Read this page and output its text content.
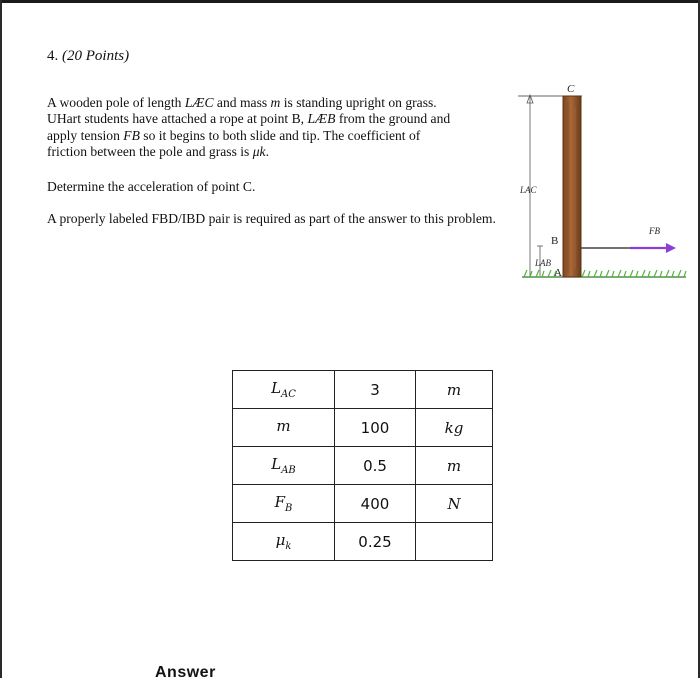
4. (20 Points)
A wooden pole of length LÆC and mass m is standing upright on grass.
UHart students have attached a rope at point B, LÆB from the ground and
apply tension FB so it begins to both slide and tip. The coefficient of
friction between the pole and grass is μk.
Determine the acceleration of point C.
A properly labeled FBD/IBD pair is required as part of the answer to this problem.
C
LAC
B
LAB
A
FB
$L_{AC}$	3	m
m	100	kg
$L_{AB}$	0.5	m
$F_B$	400	N
$\mu_k$	0.25	
Answer
